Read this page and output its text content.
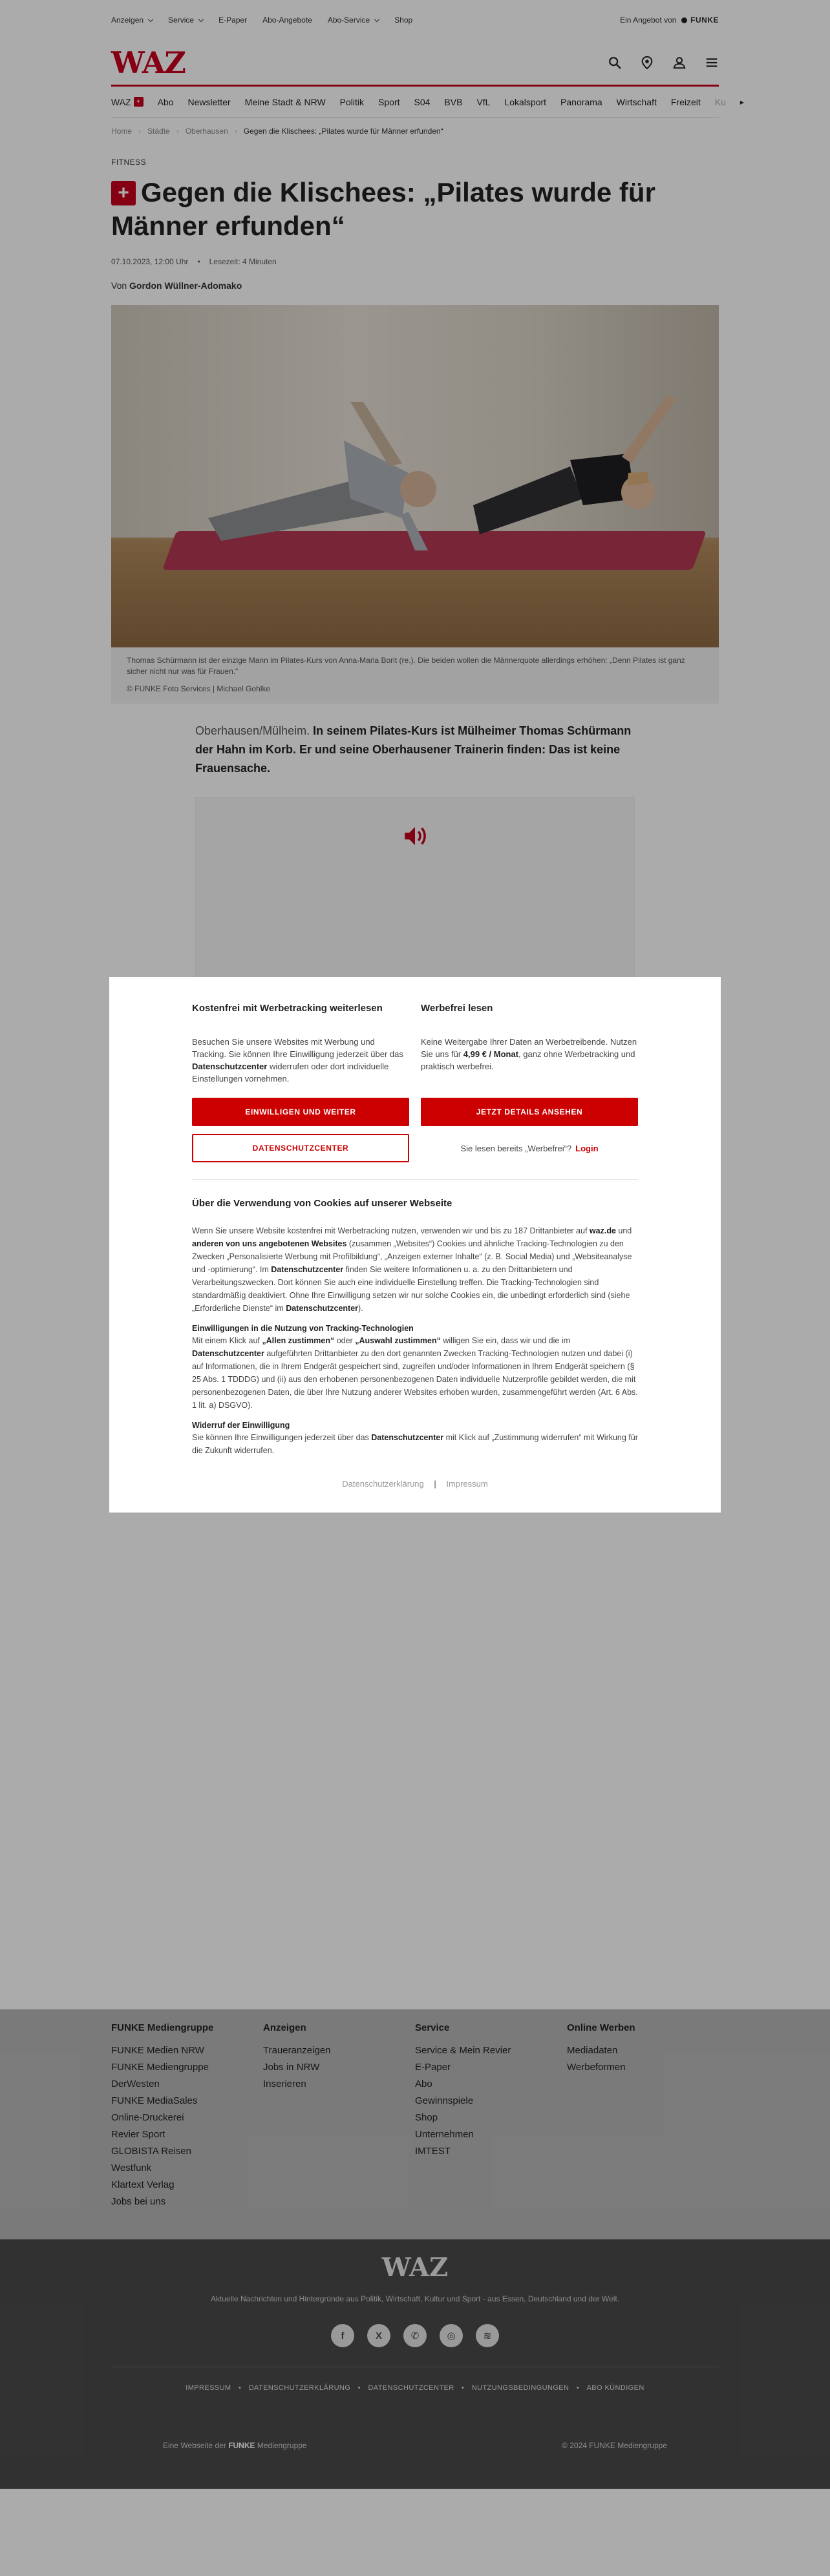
Anzeigen	Service	E-Paper Abo-Angebote Abo-Service	Shop	Ein Angebot von FUNKE
WAZ
WAZ +	Abo Newsletter Meine Stadt & NRW Politik Sport S04 BVB VfL Lokalsport Panorama Wirtschaft Freizeit Ku	▸
Home › Städte › Oberhausen › Gegen die Klischees: „Pilates wurde für Männer erfunden“
FITNESS
+ Gegen die Klischees: „Pilates wurde für Männer erfunden“
07.10.2023, 12:00 Uhr • Lesezeit: 4 Minuten
Von Gordon Wüllner-Adomako
Thomas Schürmann ist der einzige Mann im Pilates-Kurs von Anna-Maria Borit (re.). Die beiden wollen die Männerquote allerdings erhöhen: „Denn Pilates ist ganz sicher nicht nur was für Frauen.“
© FUNKE Foto Services | Michael Gohlke
Oberhausen/Mülheim. In seinem Pilates-Kurs ist Mülheimer Thomas Schürmann der Hahn im Korb. Er und seine Oberhausener Trainerin finden: Das ist keine Frauensache.
FUNKE Mediengruppe
FUNKE Medien NRW
FUNKE Mediengruppe
DerWesten
FUNKE MediaSales
Online-Druckerei
Revier Sport
GLOBISTA Reisen
Westfunk
Klartext Verlag
Jobs bei uns
Anzeigen
Traueranzeigen
Jobs in NRW
Inserieren
Service
Service & Mein Revier
E-Paper
Abo
Gewinnspiele
Shop
Unternehmen
IMTEST
Online Werben
Mediadaten
Werbeformen
WAZ
Aktuelle Nachrichten und Hintergründe aus Politik, Wirtschaft, Kultur und Sport - aus Essen, Deutschland und der Welt.
f	X	✆	◎	≋
IMPRESSUM • DATENSCHUTZERKLÄRUNG • DATENSCHUTZCENTER • NUTZUNGSBEDINGUNGEN • ABO KÜNDIGEN
Eine Webseite der FUNKE Mediengruppe	© 2024 FUNKE Mediengruppe
Kostenfrei mit Werbetracking weiterlesen

Besuchen Sie unsere Websites mit Werbung und Tracking. Sie können Ihre Einwilligung jederzeit über das Datenschutzcenter widerrufen oder dort individuelle Einstellungen vornehmen.

Werbefrei lesen

Keine Weitergabe Ihrer Daten an Werbetreibende. Nutzen Sie uns für 4,99 € / Monat, ganz ohne Werbetracking und praktisch werbefrei.

EINWILLIGEN UND WEITER	JETZT DETAILS ANSEHEN
DATENSCHUTZCENTER	Sie lesen bereits „Werbefrei“? Login
Über die Verwendung von Cookies auf unserer Webseite

Wenn Sie unsere Website kostenfrei mit Werbetracking nutzen, verwenden wir und bis zu 187 Drittanbieter auf waz.de und anderen von uns angebotenen Websites (zusammen „Websites“) Cookies und ähnliche Tracking-Technologien zu den Zwecken „Personalisierte Werbung mit Profilbildung“, „Anzeigen externer Inhalte“ (z. B. Social Media) und „Websiteanalyse und -optimierung“. Im Datenschutzcenter finden Sie weitere Informationen u. a. zu den Drittanbietern und Verarbeitungszwecken. Dort können Sie auch eine individuelle Einstellung treffen. Die Tracking-Technologien sind standardmäßig deaktiviert. Ohne Ihre Einwilligung setzen wir nur solche Cookies ein, die unbedingt erforderlich sind (siehe „Erforderliche Dienste“ im Datenschutzcenter).

Einwilligungen in die Nutzung von Tracking-Technologien

Mit einem Klick auf „Allen zustimmen“ oder „Auswahl zustimmen“ willigen Sie ein, dass wir und die im Datenschutzcenter aufgeführten Drittanbieter zu den dort genannten Zwecken Tracking-Technologien nutzen und dabei (i) auf Informationen, die in Ihrem Endgerät gespeichert sind, zugreifen und/oder Informationen in Ihrem Endgerät speichern (§ 25 Abs. 1 TDDDG) und (ii) aus den erhobenen personenbezogenen Daten individuelle Nutzerprofile gebildet werden, die mit personenbezogenen Daten, die über Ihre Nutzung anderer Websites erhoben wurden, zusammengeführt werden (Art. 6 Abs. 1 lit. a) DSGVO).

Widerruf der Einwilligung

Sie können Ihre Einwilligungen jederzeit über das Datenschutzcenter mit Klick auf „Zustimmung widerrufen“ mit Wirkung für die Zukunft widerrufen.

Datenschutzerklärung | Impressum
